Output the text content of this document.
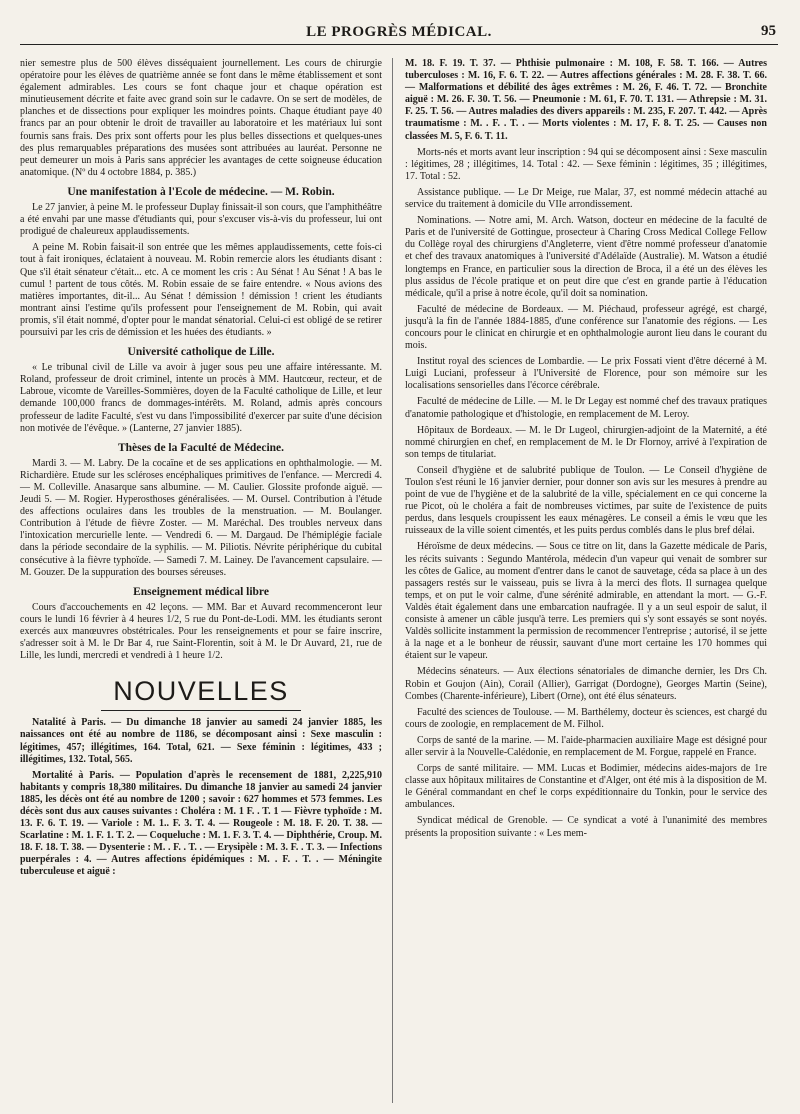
LE PROGRÈS MÉDICAL.	95

nier semestre plus de 500 élèves disséquaient journellement. Les cours de chirurgie opératoire pour les élèves de quatrième année se font dans le même établissement et sont également admirables. Les cours se font chaque jour et chaque opération est minutieusement décrite et faite avec grand soin sur le cadavre. On se sert de modèles, de planches et de dissections pour expliquer les moindres points. Chaque étudiant paye 40 francs par an pour obtenir le droit de travailler au laboratoire et les matériaux lui sont fournis sans frais. Des prix sont offerts pour les plus belles dissections et quelques-unes des plus remarquables préparations des musées sont attribuées au lauréat. Personne ne peut demeurer un mois à Paris sans apprécier les avantages de cette soigneuse éducation anatomique. (Nº du 4 octobre 1884, p. 385.)

Une manifestation à l'Ecole de médecine. — M. Robin.

Le 27 janvier, à peine M. le professeur Duplay finissait-il son cours, que l'amphithéâtre a été envahi par une masse d'étudiants qui, pour s'excuser vis-à-vis du professeur, lui ont prodigué de chaleureux applaudissements.

A peine M. Robin faisait-il son entrée que les mêmes applaudissements, cette fois-ci tout à fait ironiques, éclataient à nouveau. M. Robin remercie alors les étudiants disant : Que s'il était sénateur c'était... etc. A ce moment les cris : Au Sénat ! Au Sénat ! A bas le cumul ! partent de tous côtés. M. Robin essaie de se faire entendre. « Nous avions des matières importantes, dit-il... Au Sénat ! démission ! démission ! crient les étudiants montrant ainsi l'estime qu'ils professent pour l'enseignement de M. Robin, qui avait promis, s'il était nommé, d'opter pour le mandat sénatorial. Celui-ci est obligé de se retirer poursuivi par les cris de démission et les huées des étudiants. »

Université catholique de Lille.

« Le tribunal civil de Lille va avoir à juger sous peu une affaire intéressante. M. Roland, professeur de droit criminel, intente un procès à MM. Hautcœur, recteur, et de Labroue, vicomte de Vareilles-Sommières, doyen de la Faculté catholique de Lille, et leur demande 100,000 francs de dommages-intérêts. M. Roland, admis après concours professeur de ladite Faculté, s'est vu dans l'impossibilité d'exercer par suite d'une décision non motivée de l'évêque. » (Lanterne, 27 janvier 1885).

Thèses de la Faculté de Médecine.

Mardi 3. — M. Labry. De la cocaïne et de ses applications en ophthalmologie. — M. Richardière. Etude sur les scléroses encéphaliques primitives de l'enfance. — Mercredi 4. — M. Colleville. Anasarque sans albumine. — M. Caulier. Glossite profonde aiguë. — Jeudi 5. — M. Rogier. Hyperosthoses généralisées. — M. Oursel. Contribution à l'étude des affections oculaires dans les troubles de la menstruation. — M. Boulanger. Contribution à l'étude de fièvre Zoster. — M. Maréchal. Des troubles nerveux dans l'intoxication mercurielle lente. — Vendredi 6. — M. Dargaud. De l'hémiplégie faciale dans la période secondaire de la syphilis. — M. Piliotis. Névrite périphérique du cubital consécutive à la fièvre typhoïde. — Samedi 7. M. Lainey. De l'avancement capsulaire. — M. Gouzer. De la suppuration des bourses séreuses.

Enseignement médical libre

Cours d'accouchements en 42 leçons. — MM. Bar et Auvard recommenceront leur cours le lundi 16 février à 4 heures 1/2, 5 rue du Pont-de-Lodi. MM. les étudiants seront exercés aux manœuvres obstétricales. Pour les renseignements et pour se faire inscrire, s'adresser soit à M. le Dr Bar 4, rue Saint-Florentin, soit à M. le Dr Auvard, 21, rue de Lille, les lundi, mercredi et vendredi à 1 heure 1/2.

NOUVELLES

Natalité à Paris. — Du dimanche 18 janvier au samedi 24 janvier 1885, les naissances ont été au nombre de 1186, se décomposant ainsi : Sexe masculin : légitimes, 457; illégitimes, 164. Total, 621. — Sexe féminin : légitimes, 433 ; illégitimes, 132. Total, 565.

Mortalité à Paris. — Population d'après le recensement de 1881, 2,225,910 habitants y compris 18,380 militaires. Du dimanche 18 janvier au samedi 24 janvier 1885, les décès ont été au nombre de 1200 ; savoir : 627 hommes et 573 femmes. Les décès sont dus aux causes suivantes : Choléra : M. 1 F. . T. 1 — Fièvre typhoïde : M. 13. F. 6. T. 19. — Variole : M. 1.. F. 3. T. 4. — Rougeole : M. 18. F. 20. T. 38. — Scarlatine : M. 1. F. 1. T. 2. — Coqueluche : M. 1. F. 3. T. 4. — Diphthérie, Croup. M. 18. F. 18. T. 38. — Dysenterie : M. . F. . T. . — Erysipèle : M. 3. F. . T. 3. — Infections puerpérales : 4. — Autres affections épidémiques : M. . F. . T. . — Méningite tuberculeuse et aiguë :

M. 18. F. 19. T. 37. — Phthisie pulmonaire : M. 108, F. 58. T. 166. — Autres tuberculoses : M. 16, F. 6. T. 22. — Autres affections générales : M. 28. F. 38. T. 66. — Malformations et débilité des âges extrêmes : M. 26, F. 46. T. 72. — Bronchite aiguë : M. 26. F. 30. T. 56. — Pneumonie : M. 61, F. 70. T. 131. — Athrepsie : M. 31. F. 25. T. 56. — Autres maladies des divers appareils : M. 235, F. 207. T. 442. — Après traumatisme : M. . F. . T. . — Morts violentes : M. 17, F. 8. T. 25. — Causes non classées M. 5, F. 6. T. 11.

Morts-nés et morts avant leur inscription : 94 qui se décomposent ainsi : Sexe masculin : légitimes, 28 ; illégitimes, 14. Total : 42. — Sexe féminin : légitimes, 35 ; illégitimes, 17. Total : 52.

Assistance publique. — Le Dr Meige, rue Malar, 37, est nommé médecin attaché au service du traitement à domicile du VIIe arrondissement.

Nominations. — Notre ami, M. Arch. Watson, docteur en médecine de la faculté de Paris et de l'université de Gottingue, prosecteur à Charing Cross Medical College Fellow du Collège royal des chirurgiens d'Angleterre, vient d'être nommé professeur d'anatomie et chef des travaux anatomiques à l'université d'Adélaïde (Australie). M. Watson a étudié longtemps en France, en particulier sous la direction de Broca, il a été un des élèves les plus assidus de l'école pratique et on peut dire que c'est en grande partie à l'éducation médicale, qu'il a prise à notre école, qu'il doit sa nomination.

Faculté de médecine de Bordeaux. — M. Piéchaud, professeur agrégé, est chargé, jusqu'à la fin de l'année 1884-1885, d'une conférence sur l'anatomie des régions. — Les concours pour le clinicat en chirurgie et en ophthalmologie auront lieu dans le courant du mois.

Institut royal des sciences de Lombardie. — Le prix Fossati vient d'être décerné à M. Luigi Luciani, professeur à l'Université de Florence, pour son mémoire sur les localisations sensorielles dans l'écorce cérébrale.

Faculté de médecine de Lille. — M. le Dr Legay est nommé chef des travaux pratiques d'anatomie pathologique et d'histologie, en remplacement de M. Leroy.

Hôpitaux de Bordeaux. — M. le Dr Lugeol, chirurgien-adjoint de la Maternité, a été nommé chirurgien en chef, en remplacement de M. le Dr Flornoy, arrivé à l'expiration de son temps de titulariat.

Conseil d'hygiène et de salubrité publique de Toulon. — Le Conseil d'hygiène de Toulon s'est réuni le 16 janvier dernier, pour donner son avis sur les mesures à prendre au point de vue de l'hygiène et de la salubrité de la ville, spécialement en ce qui concerne la rue Picot, où le choléra a fait de nombreuses victimes, par suite de l'existence de puits perdus, dans lesquels croupissent les eaux ménagères. Le conseil a émis le vœu que les ruisseaux de la ville soient cimentés, et les puits perdus comblés dans le plus bref délai.

Héroïsme de deux médecins. — Sous ce titre on lit, dans la Gazette médicale de Paris, les récits suivants : Segundo Mantérola, médecin d'un vapeur qui venait de sombrer sur les côtes de Galice, au moment d'entrer dans le canot de sauvetage, céda sa place à un des passagers restés sur le vaisseau, puis se livra à la merci des flots. Il surnagea quelque temps, et on put le voir calme, d'une sérénité admirable, en attendant la mort. — G.-F. Valdès était également dans une embarcation naufragée. Il y a un seul espoir de salut, il consiste à amener un câble jusqu'à terre. Les premiers qui s'y sont essayés se sont noyés. Valdès sollicite instamment la permission de recommencer l'entreprise ; autorisé, il se jette à la nage et a le bonheur de réussir, sauvant d'une mort certaine les 170 hommes qui étaient sur le vapeur.

Médecins sénateurs. — Aux élections sénatoriales de dimanche dernier, les Drs Ch. Robin et Goujon (Ain), Corail (Allier), Garrigat (Dordogne), Georges Martin (Seine), Combes (Charente-inférieure), Libert (Orne), ont été élus sénateurs.

Faculté des sciences de Toulouse. — M. Barthélemy, docteur ès sciences, est chargé du cours de zoologie, en remplacement de M. Filhol.

Corps de santé de la marine. — M. l'aide-pharmacien auxiliaire Mage est désigné pour aller servir à la Nouvelle-Calédonie, en remplacement de M. Forgue, rappelé en France.

Corps de santé militaire. — MM. Lucas et Bodimier, médecins aides-majors de 1re classe aux hôpitaux militaires de Constantine et d'Alger, ont été mis à la disposition de M. le Général commandant en chef le corps expéditionnaire du Tonkin, pour le service des ambulances.

Syndicat médical de Grenoble. — Ce syndicat a voté à l'unanimité des membres présents la proposition suivante : « Les mem-
